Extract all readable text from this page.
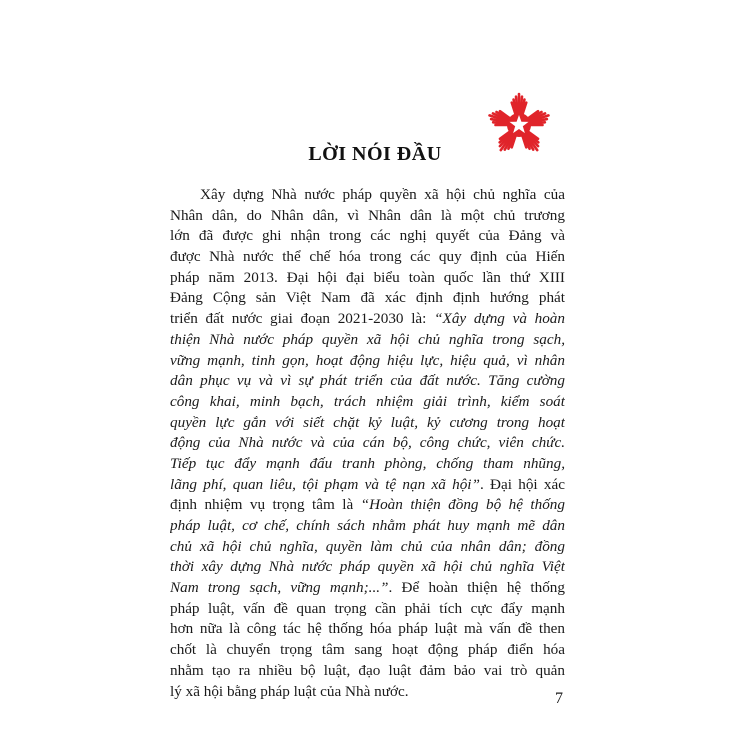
LỜI NÓI ĐẦU
Xây dựng Nhà nước pháp quyền xã hội chủ nghĩa của
Nhân dân, do Nhân dân, vì Nhân dân là một chủ trương
lớn đã được ghi nhận trong các nghị quyết của Đảng và
được Nhà nước thể chế hóa trong các quy định của Hiến
pháp năm 2013. Đại hội đại biểu toàn quốc lần thứ XIII
Đảng Cộng sản Việt Nam đã xác định định hướng phát
triển đất nước giai đoạn 2021-2030 là: “Xây dựng và hoàn
thiện Nhà nước pháp quyền xã hội chủ nghĩa trong sạch,
vững mạnh, tinh gọn, hoạt động hiệu lực, hiệu quả, vì nhân
dân phục vụ và vì sự phát triển của đất nước. Tăng cường
công khai, minh bạch, trách nhiệm giải trình, kiểm soát
quyền lực gắn với siết chặt kỷ luật, kỷ cương trong hoạt
động của Nhà nước và của cán bộ, công chức, viên chức.
Tiếp tục đẩy mạnh đấu tranh phòng, chống tham nhũng,
lãng phí, quan liêu, tội phạm và tệ nạn xã hội”. Đại hội xác
định nhiệm vụ trọng tâm là “Hoàn thiện đồng bộ hệ thống
pháp luật, cơ chế, chính sách nhằm phát huy mạnh mẽ dân
chủ xã hội chủ nghĩa, quyền làm chủ của nhân dân; đồng
thời xây dựng Nhà nước pháp quyền xã hội chủ nghĩa Việt
Nam trong sạch, vững mạnh;...”. Để hoàn thiện hệ thống
pháp luật, vấn đề quan trọng cần phải tích cực đẩy mạnh
hơn nữa là công tác hệ thống hóa pháp luật mà vấn đề then
chốt là chuyển trọng tâm sang hoạt động pháp điển hóa
nhằm tạo ra nhiều bộ luật, đạo luật đảm bảo vai trò quản
lý xã hội bằng pháp luật của Nhà nước.	7
